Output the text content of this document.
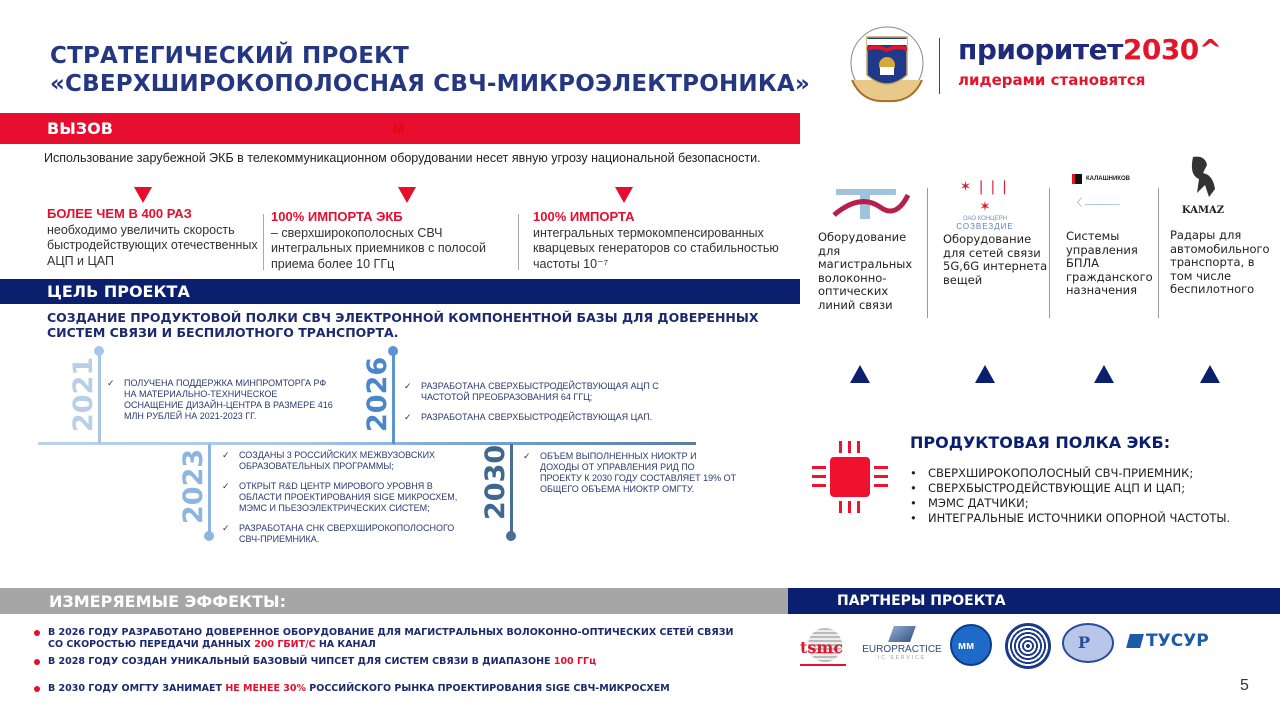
СТРАТЕГИЧЕСКИЙ ПРОЕКТ
«СВЕРХШИРОКОПОЛОСНАЯ СВЧ-МИКРОЭЛЕКТРОНИКА»
приоритет2030^
лидерами становятся
ВЫЗОВ	М
Использование зарубежной ЭКБ в телекоммуникационном оборудовании несет явную угрозу национальной безопасности.
БОЛЕЕ ЧЕМ В 400 РАЗ
необходимо увеличить скорость быстродействующих отечественных АЦП и ЦАП
100% ИМПОРТА ЭКБ
– сверхширокополосных СВЧ интегральных приемников с полосой приема более 10 ГГц
100% ИМПОРТА
интегральных термокомпенсированных кварцевых генераторов со стабильностью частоты 10⁻⁷
ЦЕЛЬ ПРОЕКТА
СОЗДАНИЕ ПРОДУКТОВОЙ ПОЛКИ СВЧ ЭЛЕКТРОННОЙ КОМПОНЕНТНОЙ БАЗЫ ДЛЯ ДОВЕРЕННЫХ СИСТЕМ СВЯЗИ И БЕСПИЛОТНОГО ТРАНСПОРТА.
2021	✓ ПОЛУЧЕНА ПОДДЕРЖКА МИНПРОМТОРГА РФ НА МАТЕРИАЛЬНО-ТЕХНИЧЕСКОЕ ОСНАЩЕНИЕ ДИЗАЙН-ЦЕНТРА В РАЗМЕРЕ 416 МЛН РУБЛЕЙ НА 2021-2023 ГГ.	2026	✓ РАЗРАБОТАНА СВЕРХБЫСТРОДЕЙСТВУЮЩАЯ АЦП С ЧАСТОТОЙ ПРЕОБРАЗОВАНИЯ 64 ГГЦ;
✓ РАЗРАБОТАНА СВЕРХБЫСТРОДЕЙСТВУЮЩАЯ ЦАП.
2023	✓ СОЗДАНЫ 3 РОССИЙСКИХ МЕЖВУЗОВСКИХ ОБРАЗОВАТЕЛЬНЫХ ПРОГРАММЫ;
✓ ОТКРЫТ R&D ЦЕНТР МИРОВОГО УРОВНЯ В ОБЛАСТИ ПРОЕКТИРОВАНИЯ SIGE МИКРОСХЕМ, МЭМС И ПЬЕЗОЭЛЕКТРИЧЕСКИХ СИСТЕМ;
✓ РАЗРАБОТАНА СНК СВЕРХШИРОКОПОЛОСНОГО СВЧ-ПРИЕМНИКА.
2030	✓ ОБЪЕМ ВЫПОЛНЕННЫХ НИОКТР И ДОХОДЫ ОТ УПРАВЛЕНИЯ РИД ПО ПРОЕКТУ К 2030 ГОДУ СОСТАВЛЯЕТ 19% ОТ ОБЩЕГО ОБЪЕМА НИОКТР ОМГТУ.
✶ ❘❘❘ ✶
ОАО КОНЦЕРН
СОЗВЕЗДИЕ
КАЛАШНИКОВ
〈 ———————	KAMAZ
Оборудование для магистральных волоконно-оптических линий связи
Оборудование для сетей связи 5G,6G интернета вещей
Системы управления БПЛА гражданского назначения
Радары для автомобильного транспорта, в том числе беспилотного
ПРОДУКТОВАЯ ПОЛКА ЭКБ:
• СВЕРХШИРОКОПОЛОСНЫЙ СВЧ-ПРИЕМНИК;
• СВЕРХБЫСТРОДЕЙСТВУЮЩИЕ АЦП И ЦАП;
• МЭМС ДАТЧИКИ;
• ИНТЕГРАЛЬНЫЕ ИСТОЧНИКИ ОПОРНОЙ ЧАСТОТЫ.
ИЗМЕРЯЕМЫЕ ЭФФЕКТЫ:
В 2026 ГОДУ РАЗРАБОТАНО ДОВЕРЕННОЕ ОБОРУДОВАНИЕ ДЛЯ МАГИСТРАЛЬНЫХ ВОЛОКОННО-ОПТИЧЕСКИХ СЕТЕЙ СВЯЗИ СО СКОРОСТЬЮ ПЕРЕДАЧИ ДАННЫХ 200 ГБИТ/С НА КАНАЛ
В 2028 ГОДУ СОЗДАН УНИКАЛЬНЫЙ БАЗОВЫЙ ЧИПСЕТ ДЛЯ СИСТЕМ СВЯЗИ В ДИАПАЗОНЕ 100 ГГц
В 2030 ГОДУ ОМГТУ ЗАНИМАЕТ НЕ МЕНЕЕ 30% РОССИЙСКОГО РЫНКА ПРОЕКТИРОВАНИЯ SIGE СВЧ-МИКРОСХЕМ
ПАРТНЕРЫ ПРОЕКТА
tsmc EUROPRACTICE
IC SERVICE
ᴍᴍ	Р	ТУСУР
5
